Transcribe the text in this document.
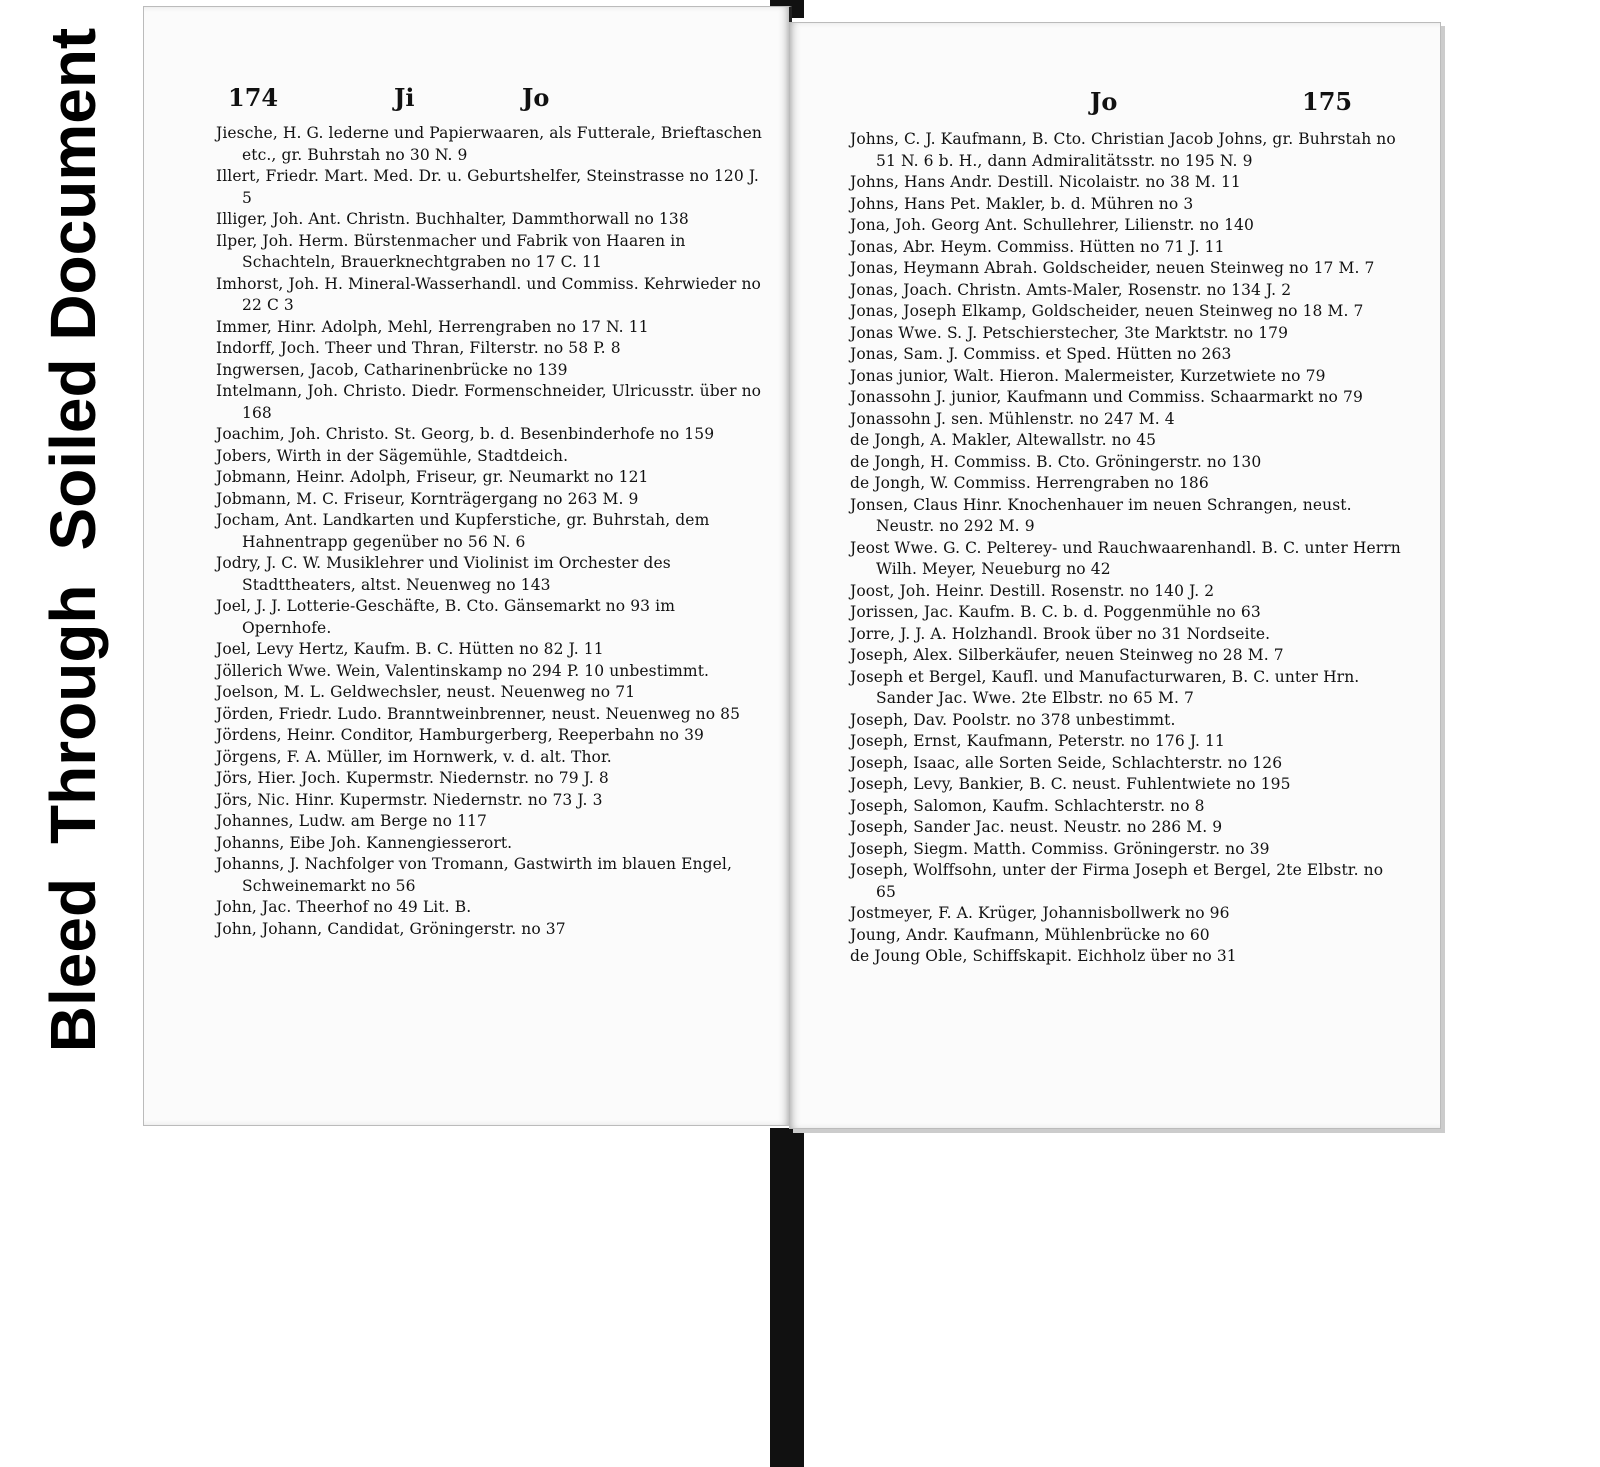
Bleed
Through
Soiled Document	174	Ji	Jo
Jiesche, H. G. lederne und Papierwaaren, als Futterale, Brieftaschen etc., gr. Buhrstah no 30 N. 9
Illert, Friedr. Mart. Med. Dr. u. Geburtshelfer, Steinstrasse no 120 J. 5
Illiger, Joh. Ant. Christn. Buchhalter, Dammthorwall no 138
Ilper, Joh. Herm. Bürstenmacher und Fabrik von Haaren in Schachteln, Brauerknechtgraben no 17 C. 11
Imhorst, Joh. H. Mineral-Wasserhandl. und Commiss. Kehrwieder no 22 C 3
Immer, Hinr. Adolph, Mehl, Herrengraben no 17 N. 11
Indorff, Joch. Theer und Thran, Filterstr. no 58 P. 8
Ingwersen, Jacob, Catharinenbrücke no 139
Intelmann, Joh. Christo. Diedr. Formenschneider, Ulricusstr. über no 168
Joachim, Joh. Christo. St. Georg, b. d. Besenbinderhofe no 159
Jobers, Wirth in der Sägemühle, Stadtdeich.
Jobmann, Heinr. Adolph, Friseur, gr. Neumarkt no 121
Jobmann, M. C. Friseur, Kornträgergang no 263 M. 9
Jocham, Ant. Landkarten und Kupferstiche, gr. Buhrstah, dem Hahnentrapp gegenüber no 56 N. 6
Jodry, J. C. W. Musiklehrer und Violinist im Orchester des Stadttheaters, altst. Neuenweg no 143
Joel, J. J. Lotterie-Geschäfte, B. Cto. Gänsemarkt no 93 im Opernhofe.
Joel, Levy Hertz, Kaufm. B. C. Hütten no 82 J. 11
Jöllerich Wwe. Wein, Valentinskamp no 294 P. 10 unbestimmt.
Joelson, M. L. Geldwechsler, neust. Neuenweg no 71
Jörden, Friedr. Ludo. Branntweinbrenner, neust. Neuenweg no 85
Jördens, Heinr. Conditor, Hamburgerberg, Reeperbahn no 39
Jörgens, F. A. Müller, im Hornwerk, v. d. alt. Thor.
Jörs, Hier. Joch. Kupermstr. Niedernstr. no 79 J. 8
Jörs, Nic. Hinr. Kupermstr. Niedernstr. no 73 J. 3
Johannes, Ludw. am Berge no 117
Johanns, Eibe Joh. Kannengiesserort.
Johanns, J. Nachfolger von Tromann, Gastwirth im blauen Engel, Schweinemarkt no 56
John, Jac. Theerhof no 49 Lit. B.
John, Johann, Candidat, Gröningerstr. no 37
Jo	175
Johns, C. J. Kaufmann, B. Cto. Christian Jacob Johns, gr. Buhrstah no 51 N. 6 b. H., dann Admiralitätsstr. no 195 N. 9
Johns, Hans Andr. Destill. Nicolaistr. no 38 M. 11
Johns, Hans Pet. Makler, b. d. Mühren no 3
Jona, Joh. Georg Ant. Schullehrer, Lilienstr. no 140
Jonas, Abr. Heym. Commiss. Hütten no 71 J. 11
Jonas, Heymann Abrah. Goldscheider, neuen Steinweg no 17 M. 7
Jonas, Joach. Christn. Amts-Maler, Rosenstr. no 134 J. 2
Jonas, Joseph Elkamp, Goldscheider, neuen Steinweg no 18 M. 7
Jonas Wwe. S. J. Petschierstecher, 3te Marktstr. no 179
Jonas, Sam. J. Commiss. et Sped. Hütten no 263
Jonas junior, Walt. Hieron. Malermeister, Kurzetwiete no 79
Jonassohn J. junior, Kaufmann und Commiss. Schaarmarkt no 79
Jonassohn J. sen. Mühlenstr. no 247 M. 4
de Jongh, A. Makler, Altewallstr. no 45
de Jongh, H. Commiss. B. Cto. Gröningerstr. no 130
de Jongh, W. Commiss. Herrengraben no 186
Jonsen, Claus Hinr. Knochenhauer im neuen Schrangen, neust. Neustr. no 292 M. 9
Jeost Wwe. G. C. Pelterey- und Rauchwaarenhandl. B. C. unter Herrn Wilh. Meyer, Neueburg no 42
Joost, Joh. Heinr. Destill. Rosenstr. no 140 J. 2
Jorissen, Jac. Kaufm. B. C. b. d. Poggenmühle no 63
Jorre, J. J. A. Holzhandl. Brook über no 31 Nordseite.
Joseph, Alex. Silberkäufer, neuen Steinweg no 28 M. 7
Joseph et Bergel, Kaufl. und Manufacturwaren, B. C. unter Hrn. Sander Jac. Wwe. 2te Elbstr. no 65 M. 7
Joseph, Dav. Poolstr. no 378 unbestimmt.
Joseph, Ernst, Kaufmann, Peterstr. no 176 J. 11
Joseph, Isaac, alle Sorten Seide, Schlachterstr. no 126
Joseph, Levy, Bankier, B. C. neust. Fuhlentwiete no 195
Joseph, Salomon, Kaufm. Schlachterstr. no 8
Joseph, Sander Jac. neust. Neustr. no 286 M. 9
Joseph, Siegm. Matth. Commiss. Gröningerstr. no 39
Joseph, Wolffsohn, unter der Firma Joseph et Bergel, 2te Elbstr. no 65
Jostmeyer, F. A. Krüger, Johannisbollwerk no 96
Joung, Andr. Kaufmann, Mühlenbrücke no 60
de Joung Oble, Schiffskapit. Eichholz über no 31
